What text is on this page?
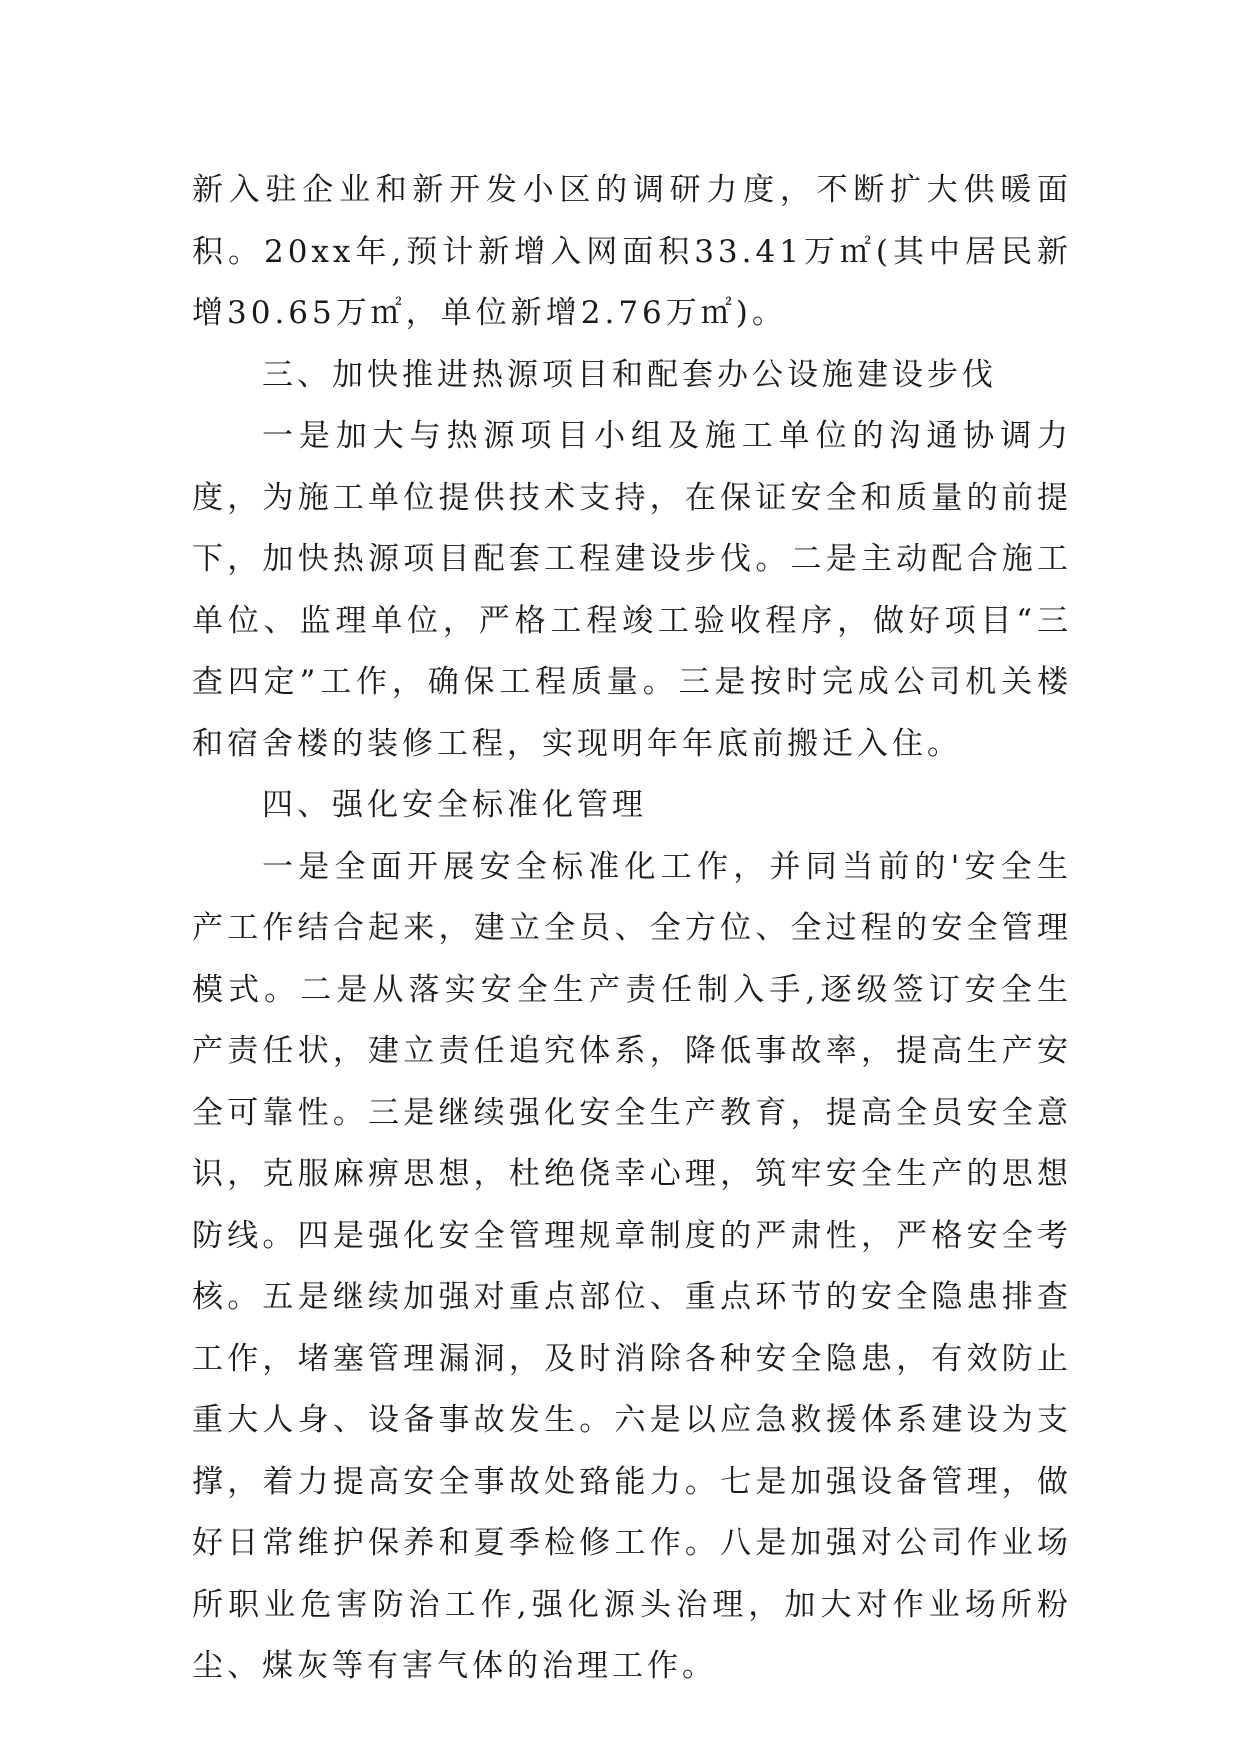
新入驻企业和新开发小区的调研力度，不断扩大供暖面积。20xx年,预计新增入网面积33.41万㎡(其中居民新增30.65万㎡，单位新增2.76万㎡)。

三、加快推进热源项目和配套办公设施建设步伐

一是加大与热源项目小组及施工单位的沟通协调力度，为施工单位提供技术支持，在保证安全和质量的前提下，加快热源项目配套工程建设步伐。二是主动配合施工单位、监理单位，严格工程竣工验收程序，做好项目“三查四定”工作，确保工程质量。三是按时完成公司机关楼和宿舍楼的装修工程，实现明年年底前搬迁入住。

四、强化安全标准化管理

一是全面开展安全标准化工作，并同当前的'安全生产工作结合起来，建立全员、全方位、全过程的安全管理模式。二是从落实安全生产责任制入手,逐级签订安全生产责任状，建立责任追究体系，降低事故率，提高生产安全可靠性。三是继续强化安全生产教育，提高全员安全意识，克服麻痹思想，杜绝侥幸心理，筑牢安全生产的思想防线。四是强化安全管理规章制度的严肃性，严格安全考核。五是继续加强对重点部位、重点环节的安全隐患排查工作，堵塞管理漏洞，及时消除各种安全隐患，有效防止重大人身、设备事故发生。六是以应急救援体系建设为支撑，着力提高安全事故处臵能力。七是加强设备管理，做好日常维护保养和夏季检修工作。八是加强对公司作业场所职业危害防治工作,强化源头治理，加大对作业场所粉尘、煤灰等有害气体的治理工作。
